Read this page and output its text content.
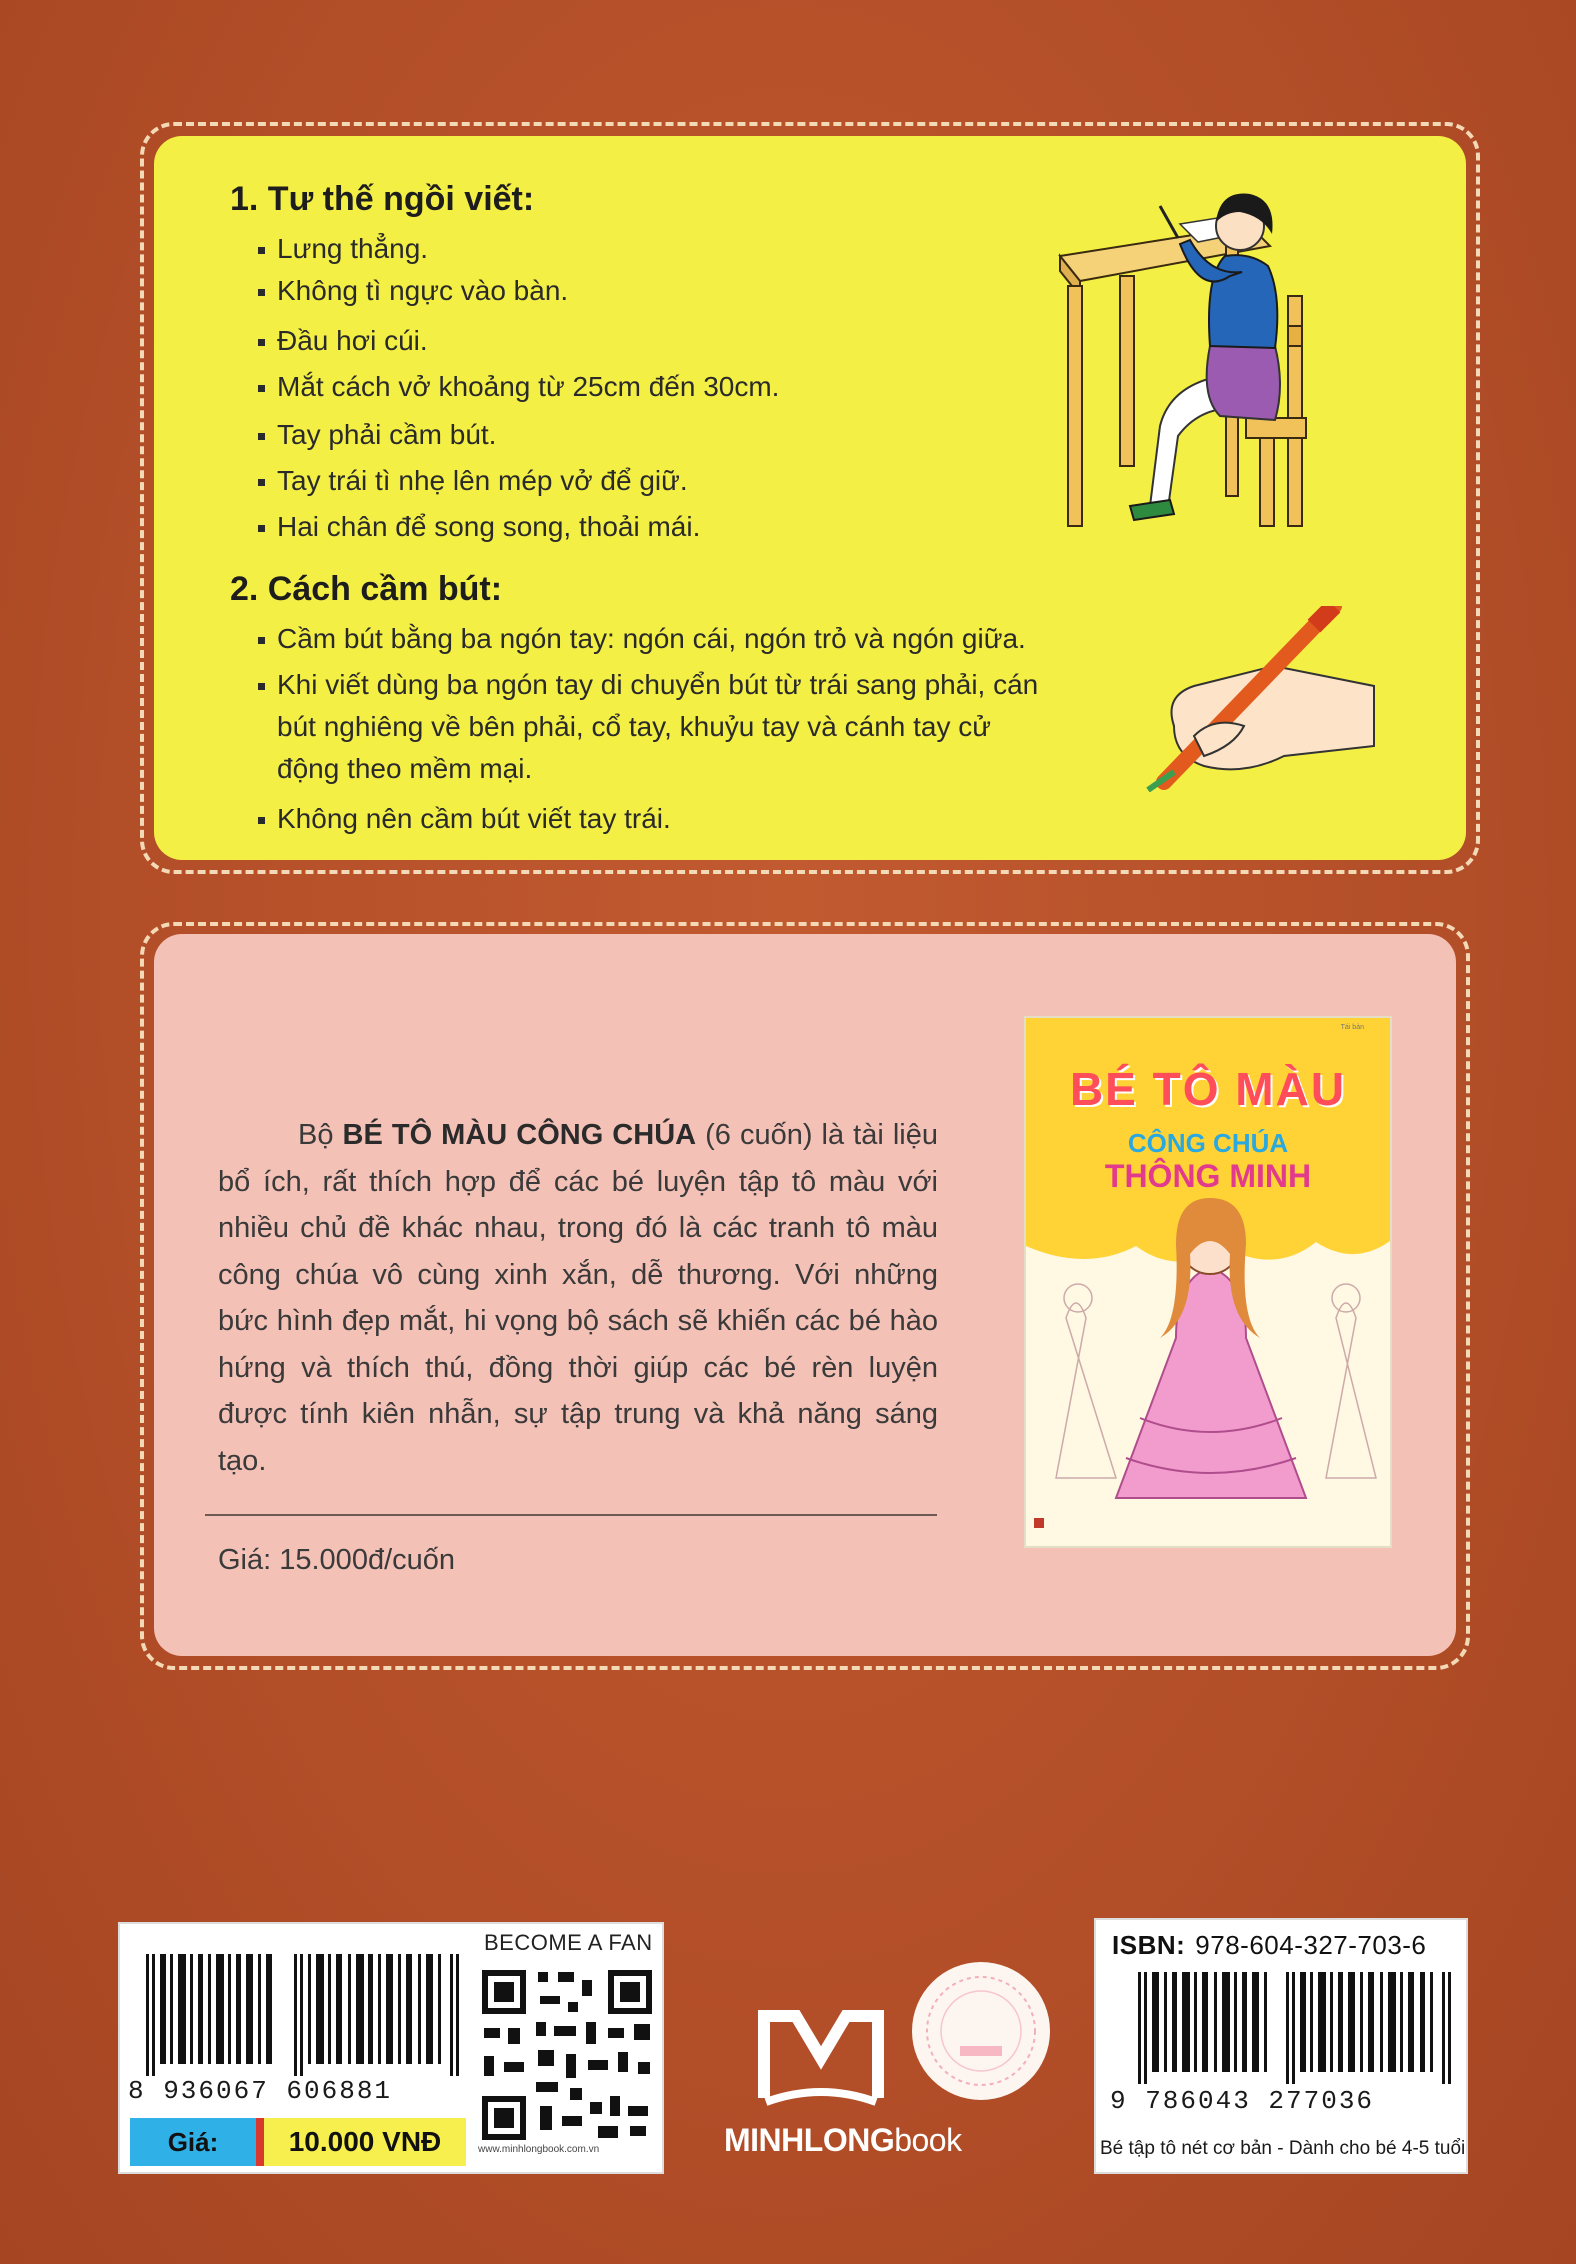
1. Tư thế ngồi viết:
Lưng thẳng.
Không tì ngực vào bàn.
Đầu hơi cúi.
Mắt cách vở khoảng từ 25cm đến 30cm.
Tay phải cầm bút.
Tay trái tì nhẹ lên mép vở để giữ.
Hai chân để song song, thoải mái.
2. Cách cầm bút:
Cầm bút bằng ba ngón tay: ngón cái, ngón trỏ và ngón giữa.
Khi viết dùng ba ngón tay di chuyển bút từ trái sang phải, cán
bút nghiêng về bên phải, cổ tay, khuỷu tay và cánh tay cử
động theo mềm mại.
Không nên cầm bút viết tay trái.
Bộ BÉ TÔ MÀU CÔNG CHÚA (6 cuốn) là tài liệu bổ ích, rất thích hợp để các bé luyện tập tô màu với nhiều chủ đề khác nhau, trong đó là các tranh tô màu công chúa vô cùng xinh xắn, dễ thương. Với những bức hình đẹp mắt, hi vọng bộ sách sẽ khiến các bé hào hứng và thích thú, đồng thời giúp các bé rèn luyện được tính kiên nhẫn, sự tập trung và khả năng sáng tạo.
Giá: 15.000đ/cuốn
Tái bản
BÉ TÔ MÀU
CÔNG CHÚA
THÔNG MINH
8 936067 606881
BECOME A FAN
www.minhlongbook.com.vn
Giá:	10.000 VNĐ	MINHLONGbook
ISBN: 978-604-327-703-6
9 786043 277036
Bé tập tô nét cơ bản - Dành cho bé 4-5 tuổi
